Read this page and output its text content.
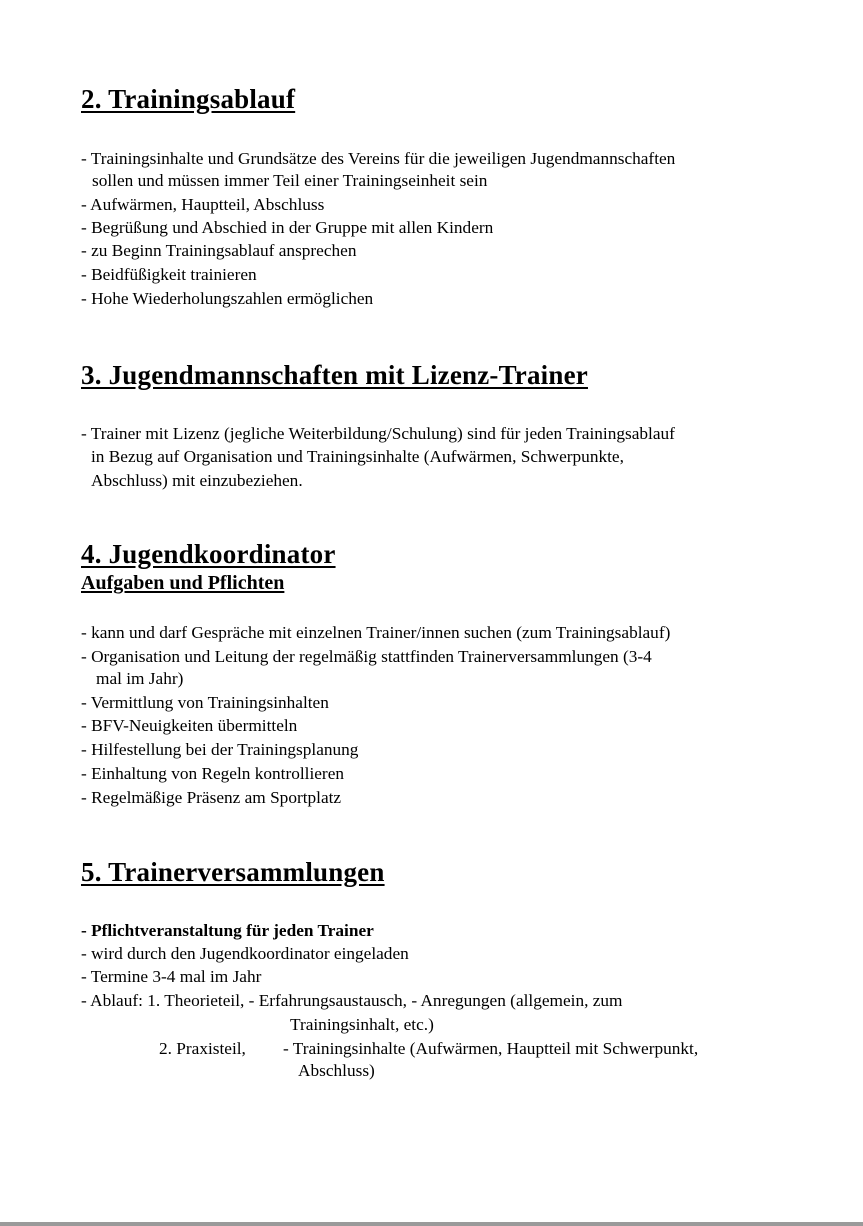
2. Trainingsablauf

- Trainingsinhalte und Grundsätze des Vereins für die jeweiligen Jugendmannschaften

sollen und müssen immer Teil einer Trainingseinheit sein

- Aufwärmen, Hauptteil, Abschluss

- Begrüßung und Abschied in der Gruppe mit allen Kindern

- zu Beginn Trainingsablauf ansprechen

- Beidfüßigkeit trainieren

- Hohe Wiederholungszahlen ermöglichen

3. Jugendmannschaften mit Lizenz-Trainer

- Trainer mit Lizenz (jegliche Weiterbildung/Schulung) sind für jeden Trainingsablauf

in Bezug auf Organisation und Trainingsinhalte (Aufwärmen, Schwerpunkte,

Abschluss) mit einzubeziehen.

4. Jugendkoordinator
Aufgaben und Pflichten

- kann und darf Gespräche mit einzelnen Trainer/innen suchen (zum Trainingsablauf)

- Organisation und Leitung der regelmäßig stattfinden Trainerversammlungen (3-4

mal im Jahr)

- Vermittlung von Trainingsinhalten

- BFV-Neuigkeiten übermitteln

- Hilfestellung bei der Trainingsplanung

- Einhaltung von Regeln kontrollieren

- Regelmäßige Präsenz am Sportplatz

5. Trainerversammlungen

- Pflichtveranstaltung für jeden Trainer

- wird durch den Jugendkoordinator eingeladen

- Termine 3-4 mal im Jahr

- Ablauf: 1. Theorieteil, - Erfahrungsaustausch, - Anregungen (allgemein, zum

Trainingsinhalt, etc.)

2. Praxisteil, - Trainingsinhalte (Aufwärmen, Hauptteil mit Schwerpunkt,

Abschluss)
